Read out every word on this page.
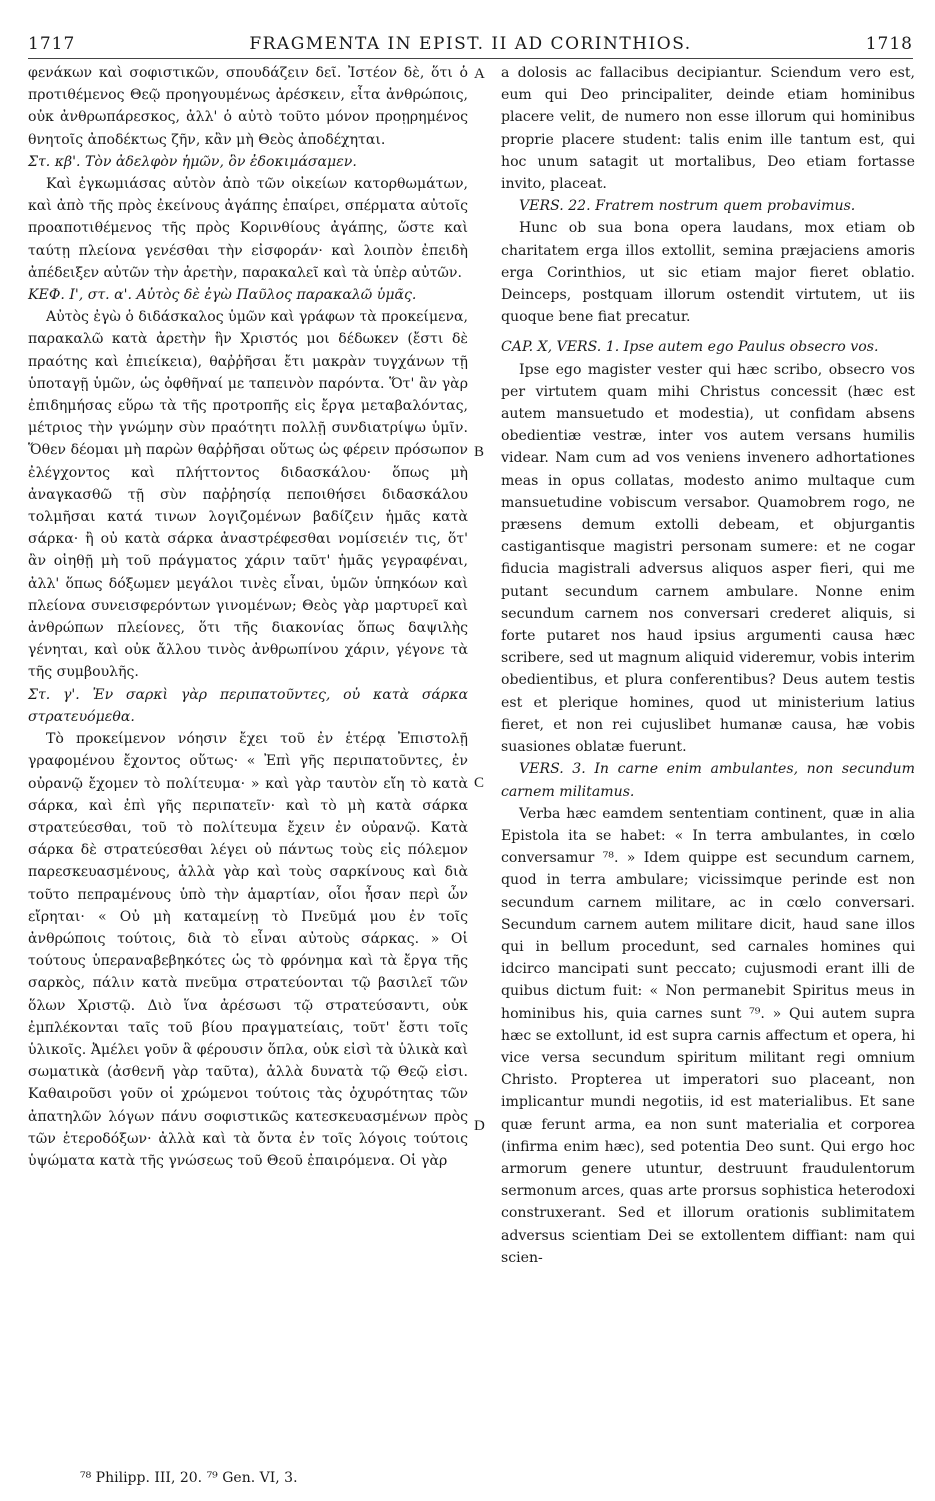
1717	FRAGMENTA IN EPIST. II AD CORINTHIOS.	1718

φενάκων καὶ σοφιστικῶν, σπουδάζειν δεῖ. Ἰστέον δὲ, ὅτι ὁ προτιθέμενος Θεῷ προηγουμένως ἀρέσκειν, εἶτα ἀνθρώποις, οὐκ ἀνθρωπάρεσκος, ἀλλ' ὁ αὐτὸ τοῦτο μόνον προῃρημένος θνητοῖς ἀποδέκτως ζῆν, κἂν μὴ Θεὸς ἀποδέχηται.

Στ. κβ'. Τὸν ἀδελφὸν ἡμῶν, ὃν ἐδοκιμάσαμεν.

Καὶ ἐγκωμιάσας αὐτὸν ἀπὸ τῶν οἰκείων κατορθωμάτων, καὶ ἀπὸ τῆς πρὸς ἐκείνους ἀγάπης ἐπαίρει, σπέρματα αὐτοῖς προαποτιθέμενος τῆς πρὸς Κορινθίους ἀγάπης, ὥστε καὶ ταύτῃ πλείονα γενέσθαι τὴν εἰσφοράν· καὶ λοιπὸν ἐπειδὴ ἀπέδειξεν αὐτῶν τὴν ἀρετὴν, παρακαλεῖ καὶ τὰ ὑπὲρ αὐτῶν.

ΚΕΦ. Ι', στ. α'. Αὐτὸς δὲ ἐγὼ Παῦλος παρακαλῶ ὑμᾶς.

Αὐτὸς ἐγὼ ὁ διδάσκαλος ὑμῶν καὶ γράφων τὰ προκείμενα, παρακαλῶ κατὰ ἀρετὴν ἣν Χριστός μοι δέδωκεν (ἔστι δὲ πραότης καὶ ἐπιείκεια), θαῤῥῆσαι ἔτι μακρὰν τυγχάνων τῇ ὑποταγῇ ὑμῶν, ὡς ὀφθῆναί με ταπεινὸν παρόντα. Ὅτ' ἂν γὰρ ἐπιδημήσας εὕρω τὰ τῆς προτροπῆς εἰς ἔργα μεταβαλόντας, μέτριος τὴν γνώμην σὺν πραότητι πολλῇ συνδιατρίψω ὑμῖν. Ὅθεν δέομαι μὴ παρὼν θαῤῥῆσαι οὕτως ὡς φέρειν πρόσωπον ἐλέγχοντος καὶ πλήττοντος διδασκάλου· ὅπως μὴ ἀναγκασθῶ τῇ σὺν παῤῥησίᾳ πεποιθήσει διδασκάλου τολμῆσαι κατά τινων λογιζομένων βαδίζειν ἡμᾶς κατὰ σάρκα· ἢ οὐ κατὰ σάρκα ἀναστρέφεσθαι νομίσειέν τις, ὅτ' ἂν οἰηθῇ μὴ τοῦ πράγματος χάριν ταῦτ' ἡμᾶς γεγραφέναι, ἀλλ' ὅπως δόξωμεν μεγάλοι τινὲς εἶναι, ὑμῶν ὑπηκόων καὶ πλείονα συνεισφερόντων γινομένων; Θεὸς γὰρ μαρτυρεῖ καὶ ἀνθρώπων πλείονες, ὅτι τῆς διακονίας ὅπως δαψιλὴς γένηται, καὶ οὐκ ἄλλου τινὸς ἀνθρωπίνου χάριν, γέγονε τὰ τῆς συμβουλῆς.

Στ. γ'. Ἐν σαρκὶ γὰρ περιπατοῦντες, οὐ κατὰ σάρκα στρατευόμεθα.

Τὸ προκείμενον νόησιν ἔχει τοῦ ἐν ἑτέρᾳ Ἐπιστολῇ γραφομένου ἔχοντος οὕτως· « Ἐπὶ γῆς περιπατοῦντες, ἐν οὐρανῷ ἔχομεν τὸ πολίτευμα· » καὶ γὰρ ταυτὸν εἴη τὸ κατὰ σάρκα, καὶ ἐπὶ γῆς περιπατεῖν· καὶ τὸ μὴ κατὰ σάρκα στρατεύεσθαι, τοῦ τὸ πολίτευμα ἔχειν ἐν οὐρανῷ. Κατὰ σάρκα δὲ στρατεύεσθαι λέγει οὐ πάντως τοὺς εἰς πόλεμον παρεσκευασμένους, ἀλλὰ γὰρ καὶ τοὺς σαρκίνους καὶ διὰ τοῦτο πεπραμένους ὑπὸ τὴν ἁμαρτίαν, οἷοι ἦσαν περὶ ὧν εἴρηται· « Οὐ μὴ καταμείνῃ τὸ Πνεῦμά μου ἐν τοῖς ἀνθρώποις τούτοις, διὰ τὸ εἶναι αὐτοὺς σάρκας. » Οἱ τούτους ὑπεραναβεβηκότες ὡς τὸ φρόνημα καὶ τὰ ἔργα τῆς σαρκὸς, πάλιν κατὰ πνεῦμα στρατεύονται τῷ βασιλεῖ τῶν ὅλων Χριστῷ. Διὸ ἵνα ἀρέσωσι τῷ στρατεύσαντι, οὐκ ἐμπλέκονται ταῖς τοῦ βίου πραγματείαις, τοῦτ' ἔστι τοῖς ὑλικοῖς. Ἀμέλει γοῦν ἃ φέρουσιν ὅπλα, οὐκ εἰσὶ τὰ ὑλικὰ καὶ σωματικὰ (ἀσθενῆ γὰρ ταῦτα), ἀλλὰ δυνατὰ τῷ Θεῷ εἰσι. Καθαιροῦσι γοῦν οἱ χρώμενοι τούτοις τὰς ὀχυρότητας τῶν ἀπατηλῶν λόγων πάνυ σοφιστικῶς κατεσκευασμένων πρὸς τῶν ἑτεροδόξων· ἀλλὰ καὶ τὰ ὄντα ἐν τοῖς λόγοις τούτοις ὑψώματα κατὰ τῆς γνώσεως τοῦ Θεοῦ ἐπαιρόμενα. Οἱ γὰρ

a dolosis ac fallacibus decipiantur. Sciendum vero est, eum qui Deo principaliter, deinde etiam hominibus placere velit, de numero non esse illorum qui hominibus proprie placere student: talis enim ille tantum est, qui hoc unum satagit ut mortalibus, Deo etiam fortasse invito, placeat.

VERS. 22. Fratrem nostrum quem probavimus.

Hunc ob sua bona opera laudans, mox etiam ob charitatem erga illos extollit, semina præjaciens amoris erga Corinthios, ut sic etiam major fieret oblatio. Deinceps, postquam illorum ostendit virtutem, ut iis quoque bene fiat precatur.

CAP. X, VERS. 1. Ipse autem ego Paulus obsecro vos.

Ipse ego magister vester qui hæc scribo, obsecro vos per virtutem quam mihi Christus concessit (hæc est autem mansuetudo et modestia), ut confidam absens obedientiæ vestræ, inter vos autem versans humilis videar. Nam cum ad vos veniens invenero adhortationes meas in opus collatas, modesto animo multaque cum mansuetudine vobiscum versabor. Quamobrem rogo, ne præsens demum extolli debeam, et objurgantis castigantisque magistri personam sumere: et ne cogar fiducia magistrali adversus aliquos asper fieri, qui me putant secundum carnem ambulare. Nonne enim secundum carnem nos conversari crederet aliquis, si forte putaret nos haud ipsius argumenti causa hæc scribere, sed ut magnum aliquid videremur, vobis interim obedientibus, et plura conferentibus? Deus autem testis est et plerique homines, quod ut ministerium latius fieret, et non rei cujuslibet humanæ causa, hæ vobis suasiones oblatæ fuerunt.

VERS. 3. In carne enim ambulantes, non secundum carnem militamus.

Verba hæc eamdem sententiam continent, quæ in alia Epistola ita se habet: « In terra ambulantes, in cœlo conversamur ⁷⁸. » Idem quippe est secundum carnem, quod in terra ambulare; vicissimque perinde est non secundum carnem militare, ac in cœlo conversari. Secundum carnem autem militare dicit, haud sane illos qui in bellum procedunt, sed carnales homines qui idcirco mancipati sunt peccato; cujusmodi erant illi de quibus dictum fuit: « Non permanebit Spiritus meus in hominibus his, quia carnes sunt ⁷⁹. » Qui autem supra hæc se extollunt, id est supra carnis affectum et opera, hi vice versa secundum spiritum militant regi omnium Christo. Propterea ut imperatori suo placeant, non implicantur mundi negotiis, id est materialibus. Et sane quæ ferunt arma, ea non sunt materialia et corporea (infirma enim hæc), sed potentia Deo sunt. Qui ergo hoc armorum genere utuntur, destruunt fraudulentorum sermonum arces, quas arte prorsus sophistica heterodoxi construxerant. Sed et illorum orationis sublimitatem adversus scientiam Dei se extollentem diffiant: nam qui scien-

A
B
C
D
⁷⁸ Philipp. III, 20. ⁷⁹ Gen. VI, 3.
